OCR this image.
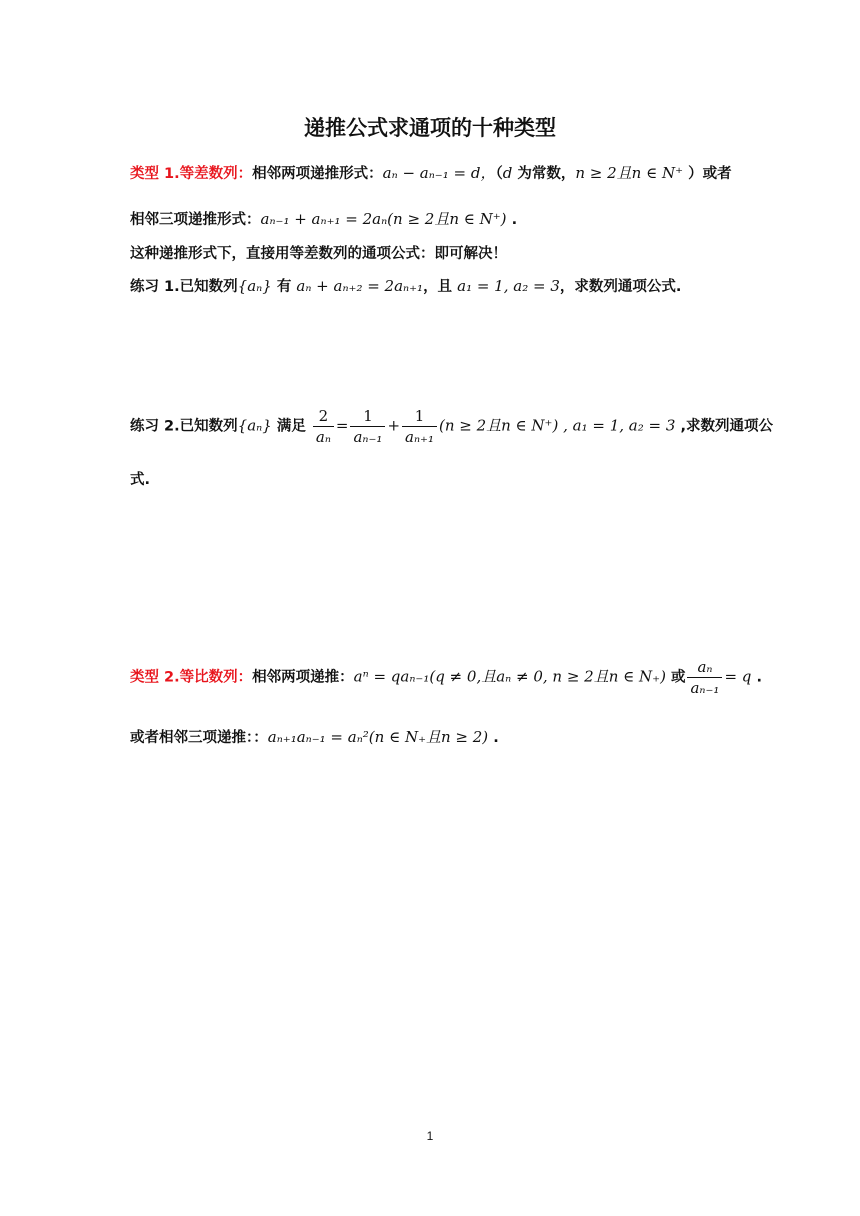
递推公式求通项的十种类型
类型 1.等差数列：相邻两项递推形式：aₙ − aₙ₋₁ = d，（d 为常数，n ≥ 2且n ∈ N⁺ ）或者
相邻三项递推形式：aₙ₋₁ + aₙ₊₁ = 2aₙ(n ≥ 2且n ∈ N⁺) .
这种递推形式下，直接用等差数列的通项公式：即可解决！
练习 1.已知数列{aₙ} 有 aₙ + aₙ₊₂ = 2aₙ₊₁，且 a₁ = 1, a₂ = 3，求数列通项公式.
练习 2.已知数列{aₙ} 满足 $\frac{2}{\text{aₙ}} = \frac{1}{\text{aₙ₋₁}} + \frac{1}{\text{aₙ₊₁}} (n \ge 2$且n ∈ N⁺) , a₁ = 1, a₂ = 3 ,求数列通项公
式.
类型 2.等比数列：相邻两项递推：aⁿ = qaₙ₋₁(q ≠ 0,且aₙ ≠ 0, n ≥ 2且n ∈ N₊) 或 $\frac{\text{aₙ}}{\text{aₙ₋₁}} = q$ .
或者相邻三项递推：：aₙ₊₁aₙ₋₁ = aₙ²(n ∈ N₊且n ≥ 2) .
1
